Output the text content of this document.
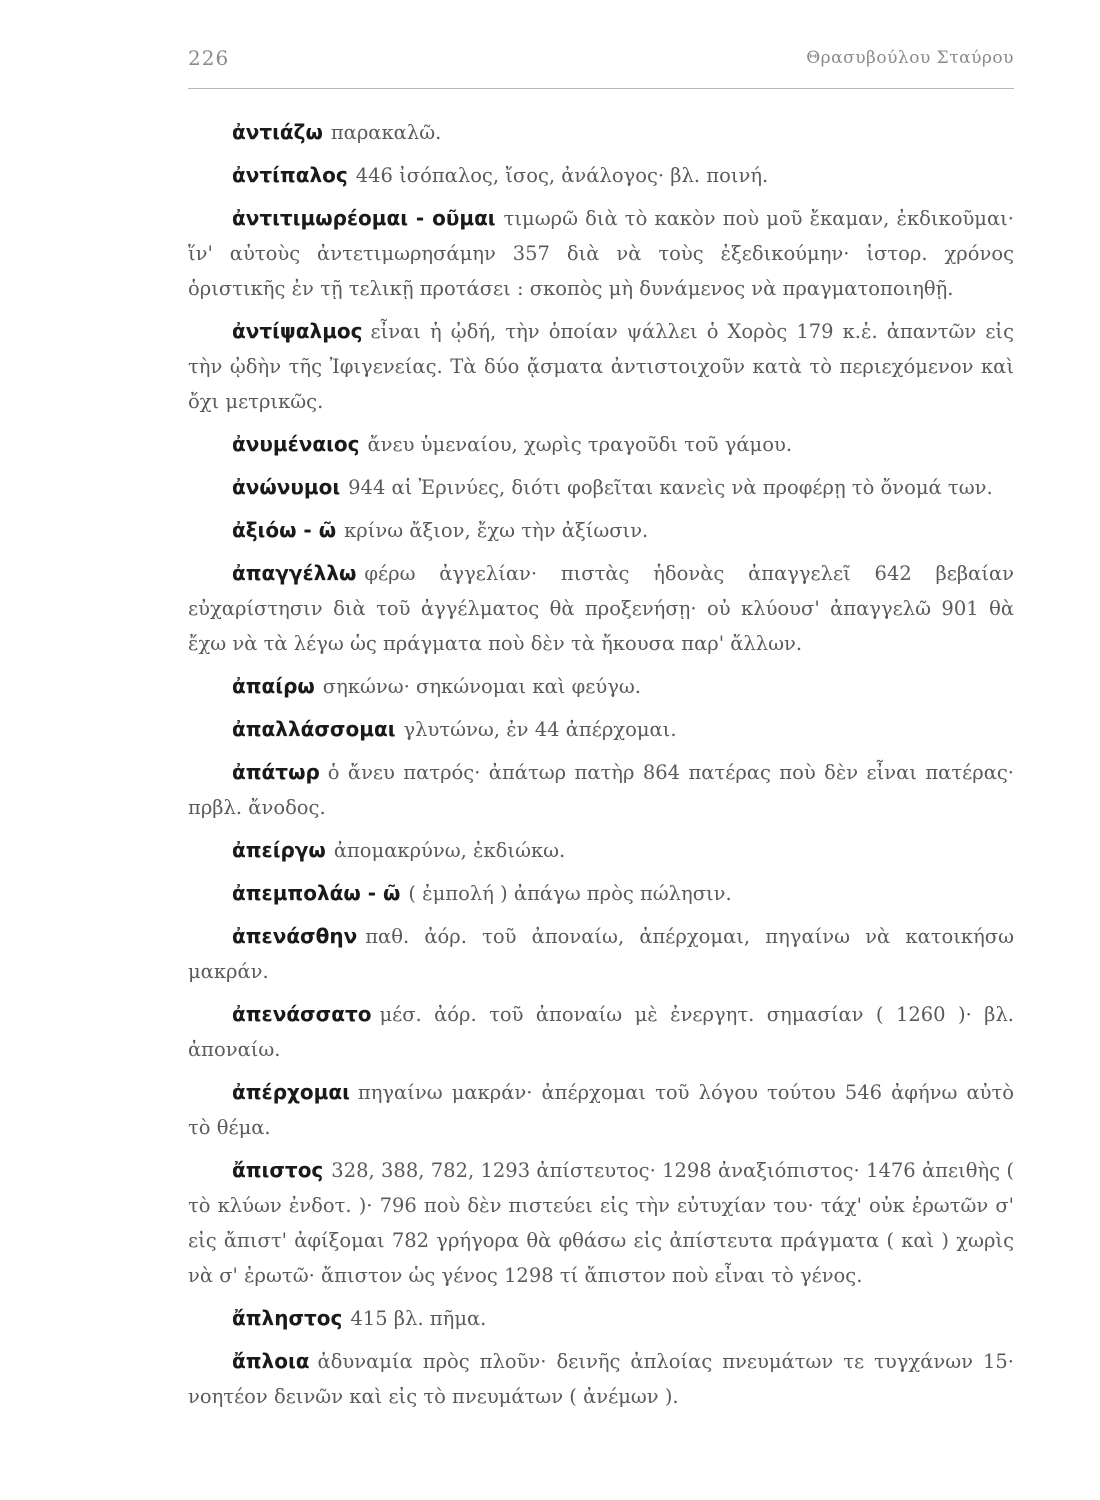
226	Θρασυβούλου Σταύρου

ἀντιάζω παρακαλῶ.

ἀντίπαλος 446 ἰσόπαλος, ἴσος, ἀνάλογος· βλ. ποινή.

ἀντιτιμωρέομαι - οῦμαι τιμωρῶ διὰ τὸ κακὸν ποὺ μοῦ ἔκαμαν, ἐκδικοῦμαι· ἵν' αὐτοὺς ἀντετιμωρησάμην 357 διὰ νὰ τοὺς ἐξεδικούμην· ἱστορ. χρόνος ὁριστικῆς ἐν τῇ τελικῇ προτάσει : σκοπὸς μὴ δυνάμενος νὰ πραγματοποιηθῇ.

ἀντίψαλμος εἶναι ἡ ᾠδή, τὴν ὁποίαν ψάλλει ὁ Χορὸς 179 κ.ἑ. ἀπαντῶν εἰς τὴν ᾠδὴν τῆς Ἰφιγενείας. Τὰ δύο ᾄσματα ἀντιστοιχοῦν κατὰ τὸ περιεχόμενον καὶ ὄχι μετρικῶς.

ἀνυμέναιος ἄνευ ὑμεναίου, χωρὶς τραγοῦδι τοῦ γάμου.

ἀνώνυμοι 944 αἱ Ἐρινύες, διότι φοβεῖται κανεὶς νὰ προφέρῃ τὸ ὄνομά των.

ἀξιόω - ῶ κρίνω ἄξιον, ἔχω τὴν ἀξίωσιν.

ἀπαγγέλλω φέρω ἀγγελίαν· πιστὰς ἡδονὰς ἀπαγγελεῖ 642 βεβαίαν εὐχαρίστησιν διὰ τοῦ ἀγγέλματος θὰ προξενήσῃ· οὐ κλύουσ' ἀπαγγελῶ 901 θὰ ἔχω νὰ τὰ λέγω ὡς πράγματα ποὺ δὲν τὰ ἤκουσα παρ' ἄλλων.

ἀπαίρω σηκώνω· σηκώνομαι καὶ φεύγω.

ἀπαλλάσσομαι γλυτώνω, ἐν 44 ἀπέρχομαι.

ἀπάτωρ ὁ ἄνευ πατρός· ἀπάτωρ πατὴρ 864 πατέρας ποὺ δὲν εἶναι πατέρας· πρβλ. ἄνοδος.

ἀπείργω ἀπομακρύνω, ἐκδιώκω.

ἀπεμπολάω - ῶ ( ἐμπολή ) ἀπάγω πρὸς πώλησιν.

ἀπενάσθην παθ. ἀόρ. τοῦ ἀποναίω, ἀπέρχομαι, πηγαίνω νὰ κατοικήσω μακράν.

ἀπενάσσατο μέσ. ἀόρ. τοῦ ἀποναίω μὲ ἐνεργητ. σημασίαν ( 1260 )· βλ. ἀποναίω.

ἀπέρχομαι πηγαίνω μακράν· ἀπέρχομαι τοῦ λόγου τούτου 546 ἀφήνω αὐτὸ τὸ θέμα.

ἄπιστος 328, 388, 782, 1293 ἀπίστευτος· 1298 ἀναξιόπιστος· 1476 ἀπειθὴς ( τὸ κλύων ἐνδοτ. )· 796 ποὺ δὲν πιστεύει εἰς τὴν εὐτυχίαν του· τάχ' οὐκ ἐρωτῶν σ' εἰς ἄπιστ' ἀφίξομαι 782 γρήγορα θὰ φθάσω εἰς ἀπίστευτα πράγματα ( καὶ ) χωρὶς νὰ σ' ἐρωτῶ· ἄπιστον ὡς γένος 1298 τί ἄπιστον ποὺ εἶναι τὸ γένος.

ἄπληστος 415 βλ. πῆμα.

ἄπλοια ἀδυναμία πρὸς πλοῦν· δεινῆς ἀπλοίας πνευμάτων τε τυγχάνων 15· νοητέον δεινῶν καὶ εἰς τὸ πνευμάτων ( ἀνέμων ).
